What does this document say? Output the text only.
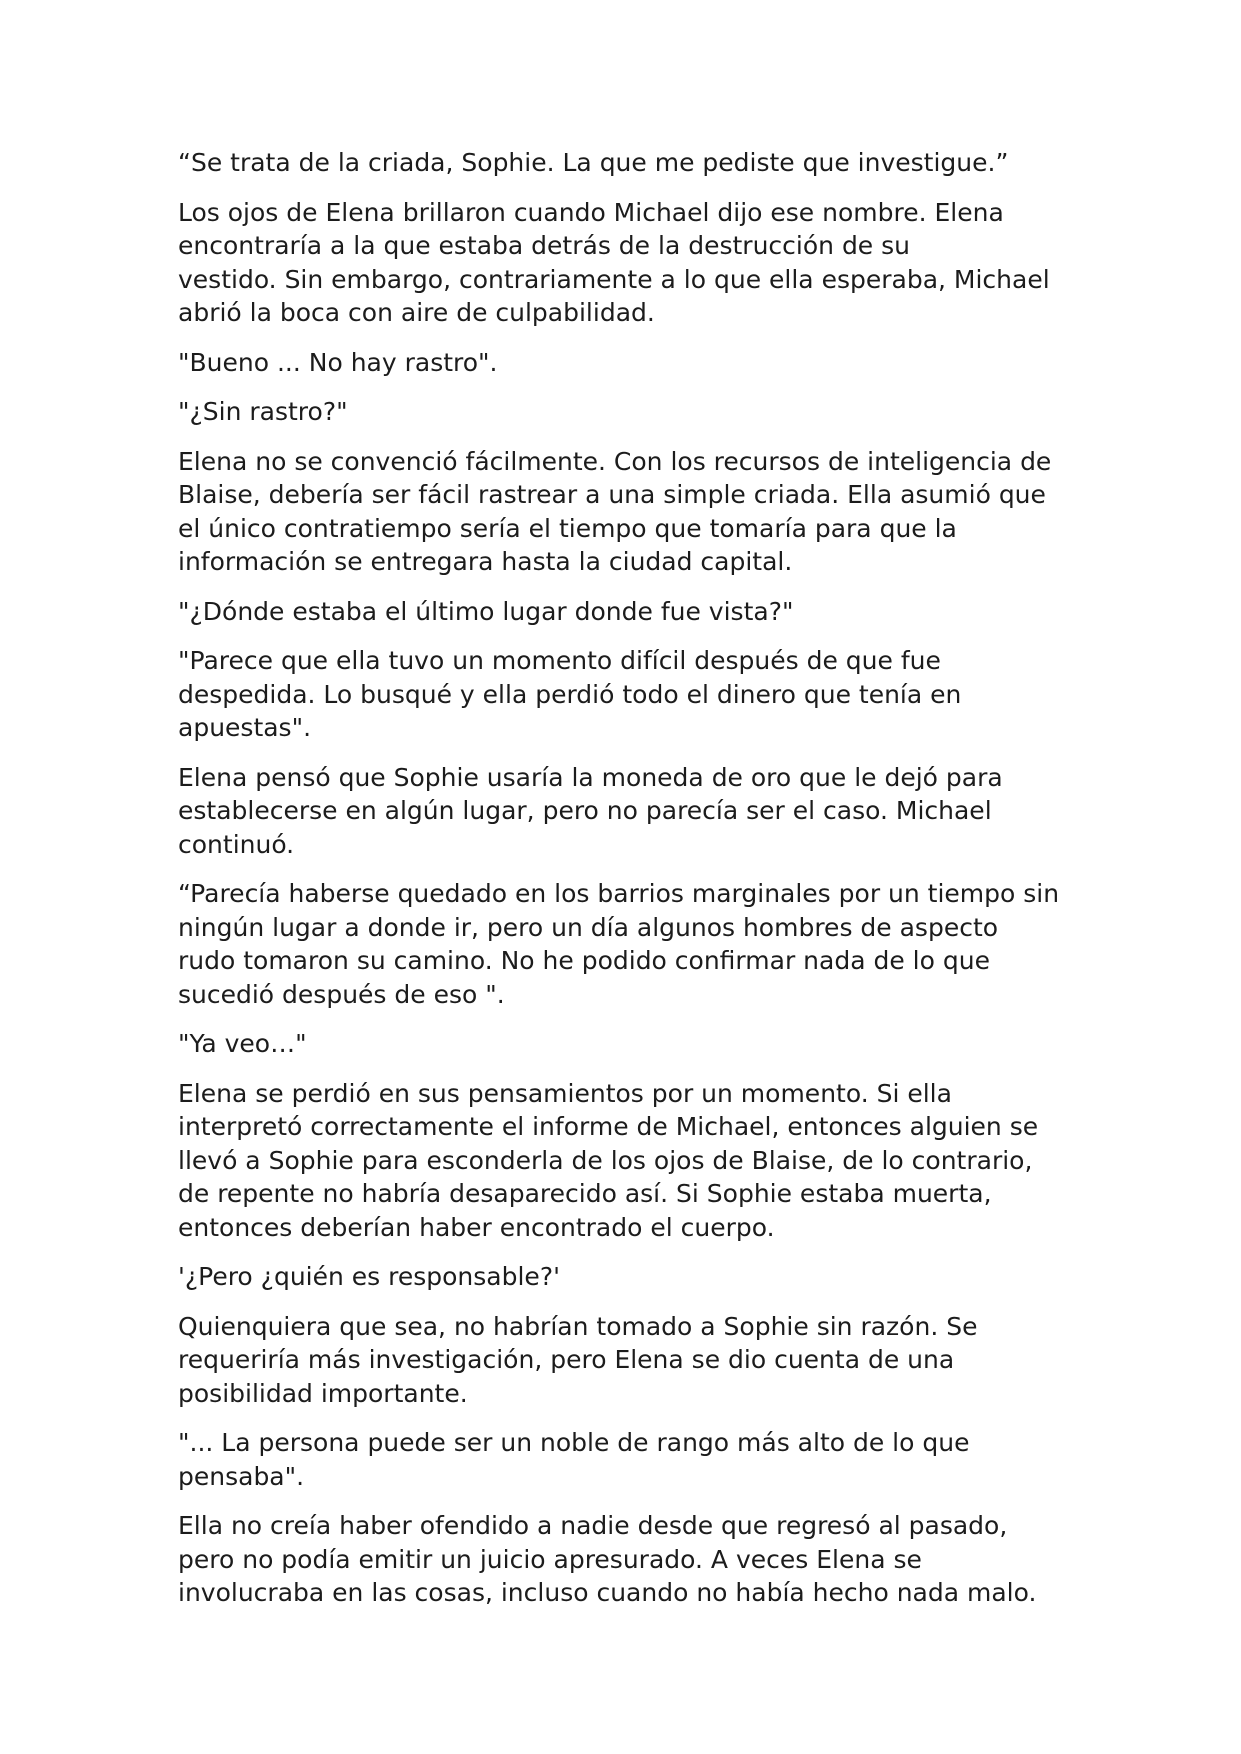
“Se trata de la criada, Sophie. La que me pediste que investigue.”

Los ojos de Elena brillaron cuando Michael dijo ese nombre. Elena
encontraría a la que estaba detrás de la destrucción de su
vestido. Sin embargo, contrariamente a lo que ella esperaba, Michael
abrió la boca con aire de culpabilidad.

"Bueno ... No hay rastro".

"¿Sin rastro?"

Elena no se convenció fácilmente. Con los recursos de inteligencia de
Blaise, debería ser fácil rastrear a una simple criada. Ella asumió que
el único contratiempo sería el tiempo que tomaría para que la
información se entregara hasta la ciudad capital.

"¿Dónde estaba el último lugar donde fue vista?"

"Parece que ella tuvo un momento difícil después de que fue
despedida. Lo busqué y ella perdió todo el dinero que tenía en
apuestas".

Elena pensó que Sophie usaría la moneda de oro que le dejó para
establecerse en algún lugar, pero no parecía ser el caso. Michael
continuó.

“Parecía haberse quedado en los barrios marginales por un tiempo sin
ningún lugar a donde ir, pero un día algunos hombres de aspecto
rudo tomaron su camino. No he podido confirmar nada de lo que
sucedió después de eso ".

"Ya veo…"

Elena se perdió en sus pensamientos por un momento. Si ella
interpretó correctamente el informe de Michael, entonces alguien se
llevó a Sophie para esconderla de los ojos de Blaise, de lo contrario,
de repente no habría desaparecido así. Si Sophie estaba muerta,
entonces deberían haber encontrado el cuerpo.

'¿Pero ¿quién es responsable?'

Quienquiera que sea, no habrían tomado a Sophie sin razón. Se
requeriría más investigación, pero Elena se dio cuenta de una
posibilidad importante.

"... La persona puede ser un noble de rango más alto de lo que
pensaba".

Ella no creía haber ofendido a nadie desde que regresó al pasado,
pero no podía emitir un juicio apresurado. A veces Elena se
involucraba en las cosas, incluso cuando no había hecho nada malo.
